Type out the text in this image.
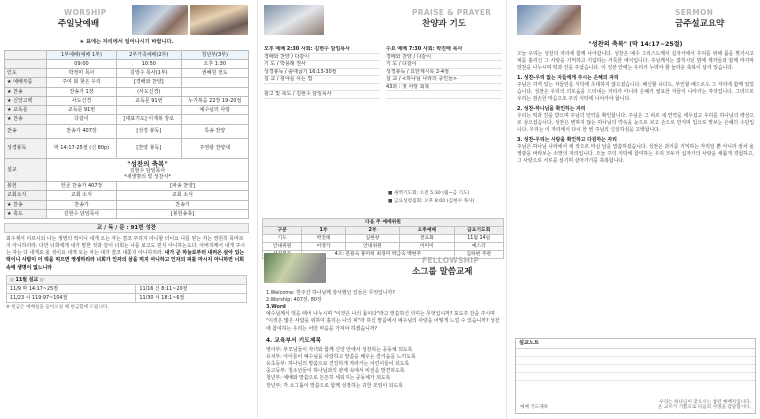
WORSHIP
주일낮예배
★ 표에는 자리에서 일어나시기 바랍니다.
	1부예배(예배 1부)	2부가족예배(2부)	청년부(3부)
	09:00	10:50	오후 1:30
인도	박정미 목사	김영수 목사(1부)	권혜원 전도
★ 예배부름	주여 회 찾은 우리	[경배와 찬양]	
★ 찬송	찬송가 1장	(사도신경)	
★ 신앙고백	사도신경	교독문 91번	누가복음 22장 19-20절
★ 교독문	교독문 91번		예수님의 사랑
★ 찬송	다같이	[대표기도] 이재복 장로	
찬송	찬송가 407장	[성경 봉독]	특송 찬양
성경봉독	막 14:17-25절 (신 80p)	[찬양 봉독]	주영광 찬양대
설교	"성찬의 축복"
김현수 담임목사
*새생명의 빛 성찬식*		

봉헌	헌금 찬송가 407장	[파송 찬양]	
교회소식	교회 소식	교회 소식	
★ 찬송	찬송가	찬송가	
★ 축도	김현수 담임목사	[봉헌송축]	
교 / 독 / 문 : 91번 성찬
최수제서 이르시되 나는 생명의 떡이니 내게 오는 자는 결코 주리지 아니할 터이요 나를 믿는 자는 영원히 목마르지 아니하리라. 다만 너희에게 내가 말한 것과 같이 너희는 나를 보고도 믿지 아니하는도다. 아버지께서 내게 주시는 자는 다 내게로 올 것이요 내게 오는 자는 내가 결코 내쫓지 아니하리라. 내가 곧 하늘로부터 내려온 살아 있는 떡이니 사람이 이 떡을 먹으면 영생하리라 너희가 인자의 살을 먹지 아니하고 인자의 피를 마시지 아니하면 너희 속에 생명이 없느니라
◇ 11월 설교 ◇	
11/9 막 14:17~25절	11/16 신 8:11~20절
11/23 시 119:97~104절	11/30 시 18:1~6절
※ 헌금은 예배실을 들어오실 때 헌금함에 드립니다.
PRAISE & PRAYER
찬양과 기도
오후 예배 2:30 사회: 김현수 담임목사
경배와 찬양 / 다같이
기 도 / 박용래 권사
성경봉독 / 출애굽기 16:13-30절
설 교 / 광야를 사는 법
광고 및 축도 / 김현수 담임목사
수요 예배 7:30 사회: 박진태 목사
경배와 찬양 / 다같이
기 도 / 다같이
성경봉독 / 요한계시록 2-4절
설 교 / <하나님 나라의 중인들>
43과 : 첫 사랑 회복
■ 새벽기도회: 오전 5:30 (월~금 기도)
■ 금요성령집회: 오후 8:00 (김현수 목사)
다음 주 예배위원				
구분	1부	2부	오후예배	금요기도회
기도	박진태	심현창	전요화	11월 14일
안내위원	이영가	안내위원	미미이	예스더
	4조: 문용숙 홍미희 최경미 박금숙 백현주			김하현 주관
FELLOWSHIP
소그룹 말씀교제
1.Welcome: 한주간 하나님께 감사했던 일들은 무엇입니까?
2.Worship: 407장, 80장
3.Word
예수님께서 떡을 떼어 나누시며 "이것은 나의 몸이다"라고 말씀하신 의미는 무엇입니까? 포도주 잔을 주시며 "이것은 많은 사람을 위하여 흘리는 나의 피"라 하신 말씀에서 예수님의 사랑을 어떻게 느낄 수 있습니까? 성찬에 참여하는 우리는 어떤 마음을 가져야 하겠습니까?
4. 교육부서 기도제목
영아부: 부모님들이 자녀와 함께 신앙 안에서 성장하는 공동체 되도록
유치부: 아이들이 예수님을 사랑하고 말씀을 배우는 즐거움을 느끼도록
유초등부: 하나님의 말씀으로 건강하게 자라가는 어린이들이 되도록
중고등부: 청소년들이 하나님과의 관계 속에서 비전을 발견하도록
청년부: 예배와 말씀으로 든든히 세워지는 공동체가 되도록
장년부: 각 소그룹이 말씀으로 함께 성장하는 귀한 모임이 되도록
SERMON
금주설교요약
"성찬의 축복" (막 14:17~25절)
오늘 우리는 성찬의 자리에 함께 나아갑니다. 성찬은 예수 그리스도께서 십자가에서 우리를 위해 몸을 찢기시고 피를 흘리신 그 사랑을 기억하고 기념하는 거룩한 예식입니다. 주님께서는 잡히시던 밤에 제자들과 함께 마지막 만찬을 나누시며 떡과 잔을 주셨습니다. 이 성찬 안에는 우리가 누려야 할 놀라운 축복이 담겨 있습니다.
1. 성찬-우리 없는 자들에게 주시는 은혜의 자리
주님은 자격 있는 자들만을 식탁에 초대하지 않으셨습니다. 배신할 유다도, 부인할 베드로도 그 자리에 함께 있었습니다. 성찬은 우리의 의로움을 드러내는 자리가 아니라 은혜가 필요한 자들이 나아가는 자리입니다. 그러므로 우리는 겸손한 마음으로 주의 식탁에 나아가야 합니다.
2. 성찬-하나님을 확인하는 자리
우리는 떡과 잔을 받으며 주님의 언약을 확인합니다. 주님은 그 피로 새 언약을 세우셨고 우리를 하나님의 백성으로 삼으셨습니다. 성찬은 변하지 않는 하나님의 약속을 눈으로 보고 손으로 만지며 입으로 맛보는 은혜의 수단입니다. 우리는 이 자리에서 다시 한 번 주님의 신실하심을 고백합니다.
3. 성찬-우리는 사랑을 확인하고 다짐하는 자리
주님은 하나님 나라에서 새 것으로 마실 날을 말씀하셨습니다. 성찬은 과거를 기억하는 자리일 뿐 아니라 장차 올 영광을 바라보는 소망의 자리입니다. 오늘 주의 식탁에 참여하는 우리 모두가 십자가의 사랑을 새롭게 경험하고, 그 사랑으로 서로를 섬기며 살아가기를 축복합니다.
설교노트
예배 기도제목
우리는 하나님이 찾으시는 참된 예배자입니다.
온 교우가 기쁨으로 다음의 사명을 감당합시다.
